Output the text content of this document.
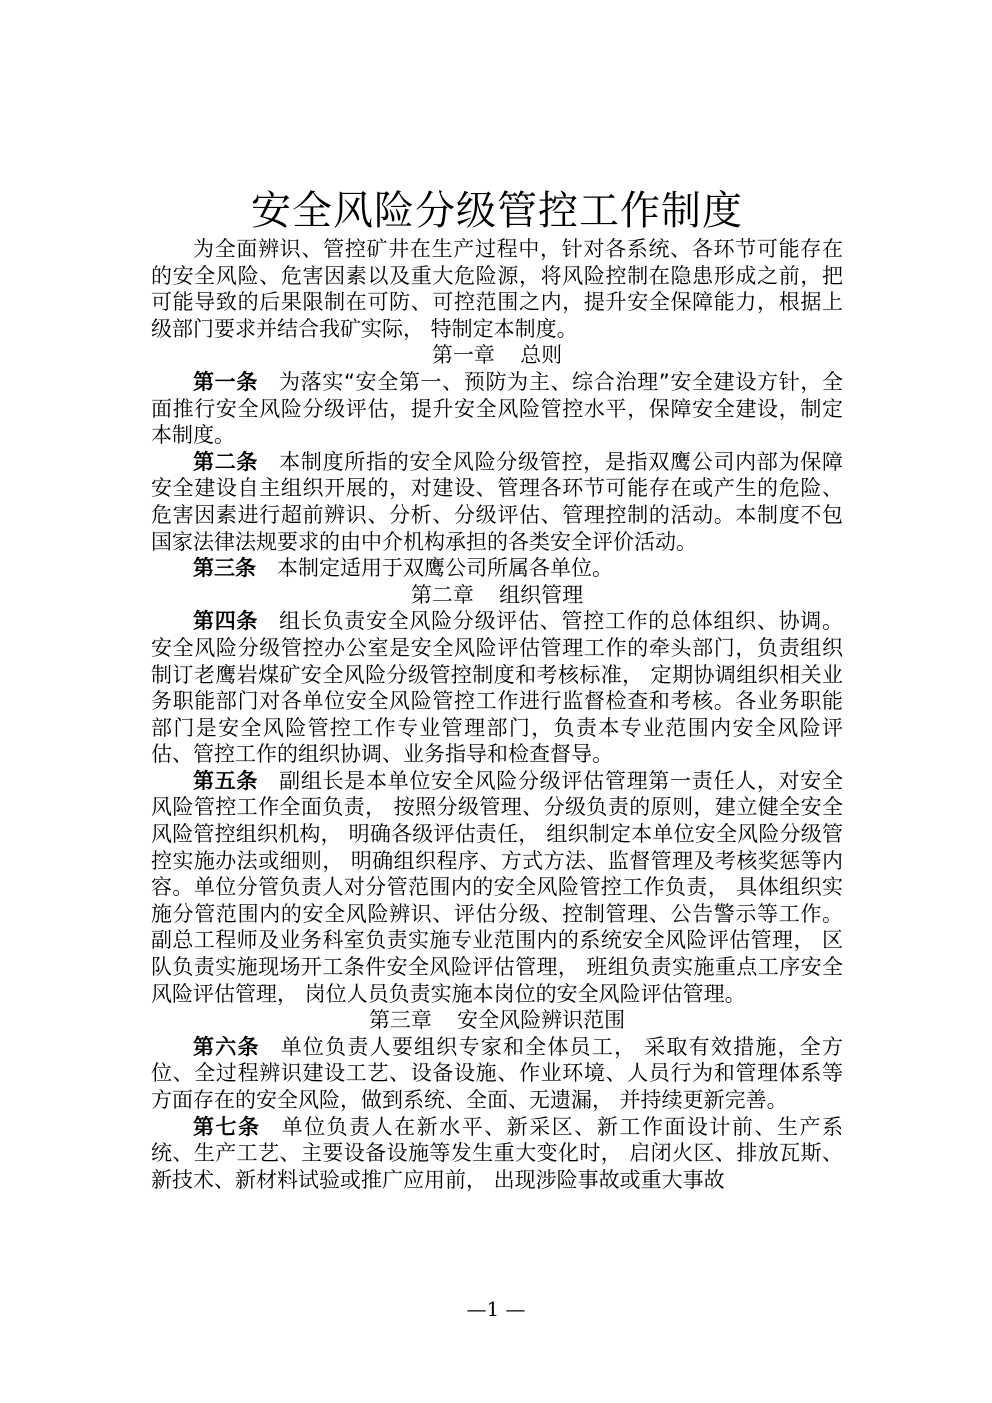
安全风险分级管控工作制度

为全面辨识、管控矿井在生产过程中，针对各系统、各环节可能存在的安全风险、危害因素以及重大危险源，将风险控制在隐患形成之前，把可能导致的后果限制在可防、可控范围之内，提升安全保障能力，根据上级部门要求并结合我矿实际， 特制定本制度。

第一章 总则

第一条 为落实“安全第一、预防为主、综合治理”安全建设方针，全面推行安全风险分级评估，提升安全风险管控水平，保障安全建设，制定本制度。

第二条 本制度所指的安全风险分级管控，是指双鹰公司内部为保障安全建设自主组织开展的，对建设、管理各环节可能存在或产生的危险、危害因素进行超前辨识、分析、分级评估、管理控制的活动。本制度不包国家法律法规要求的由中介机构承担的各类安全评价活动。

第三条 本制定适用于双鹰公司所属各单位。

第二章 组织管理

第四条 组长负责安全风险分级评估、管控工作的总体组织、协调。安全风险分级管控办公室是安全风险评估管理工作的牵头部门，负责组织制订老鹰岩煤矿安全风险分级管控制度和考核标准， 定期协调组织相关业务职能部门对各单位安全风险管控工作进行监督检查和考核。各业务职能部门是安全风险管控工作专业管理部门，负责本专业范围内安全风险评估、管控工作的组织协调、业务指导和检查督导。

第五条 副组长是本单位安全风险分级评估管理第一责任人，对安全风险管控工作全面负责， 按照分级管理、分级负责的原则，建立健全安全风险管控组织机构， 明确各级评估责任， 组织制定本单位安全风险分级管控实施办法或细则， 明确组织程序、方式方法、监督管理及考核奖惩等内容。单位分管负责人对分管范围内的安全风险管控工作负责， 具体组织实施分管范围内的安全风险辨识、评估分级、控制管理、公告警示等工作。副总工程师及业务科室负责实施专业范围内的系统安全风险评估管理， 区队负责实施现场开工条件安全风险评估管理， 班组负责实施重点工序安全风险评估管理， 岗位人员负责实施本岗位的安全风险评估管理。

第三章 安全风险辨识范围

第六条 单位负责人要组织专家和全体员工， 采取有效措施，全方位、全过程辨识建设工艺、设备设施、作业环境、人员行为和管理体系等方面存在的安全风险，做到系统、全面、无遗漏， 并持续更新完善。

第七条 单位负责人在新水平、新采区、新工作面设计前、生产系统、生产工艺、主要设备设施等发生重大变化时， 启闭火区、排放瓦斯、新技术、新材料试验或推广应用前， 出现涉险事故或重大事故

—1 —
